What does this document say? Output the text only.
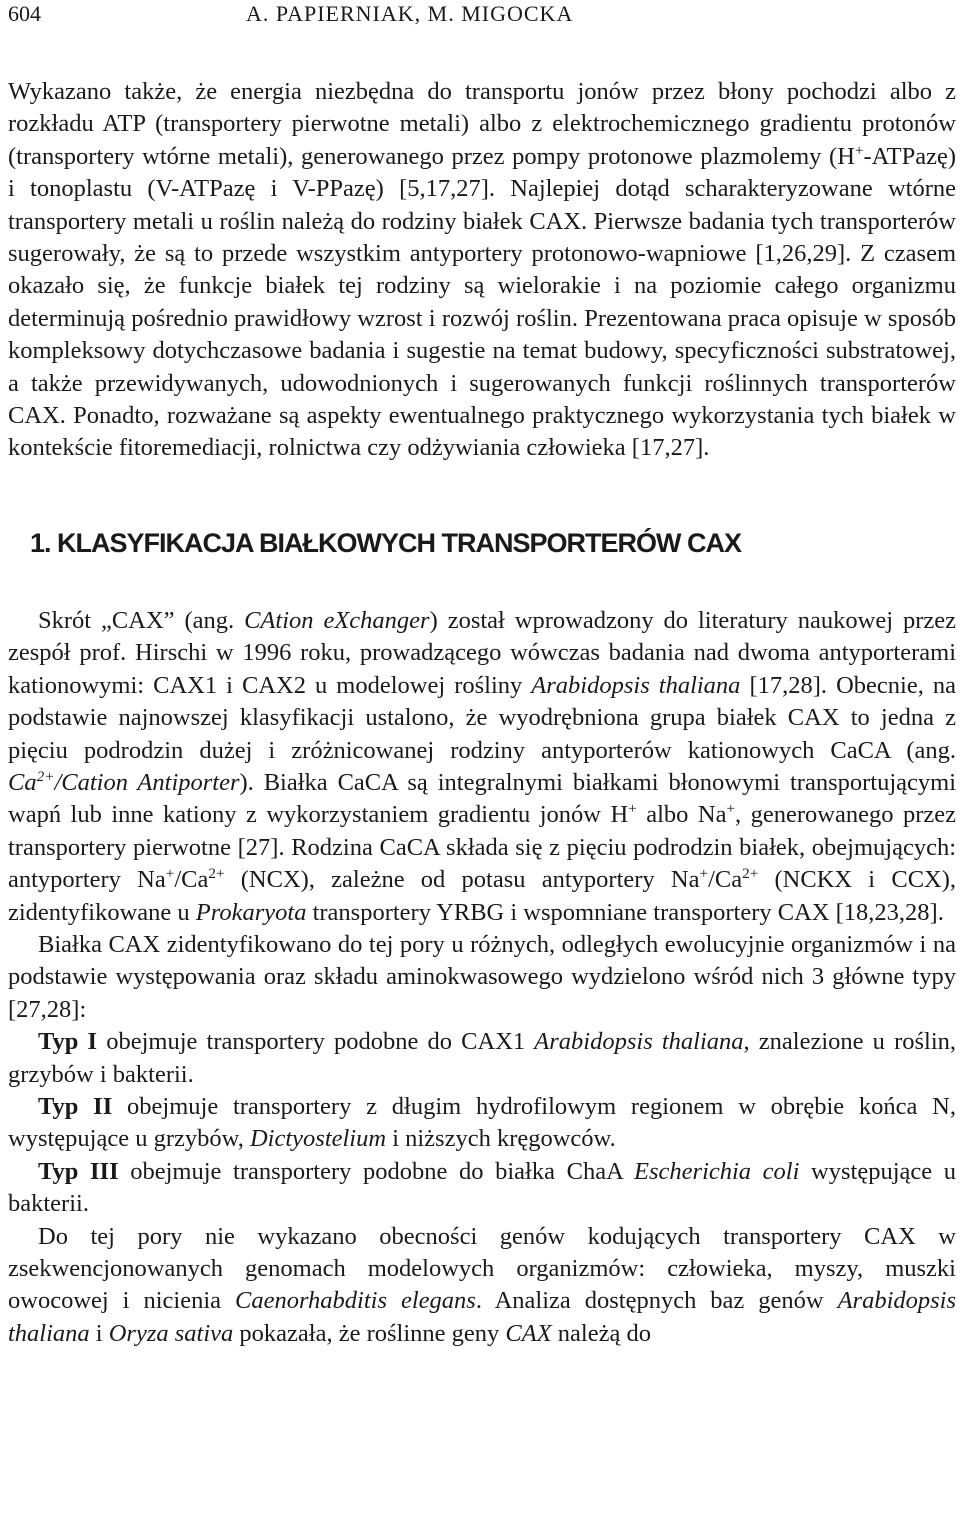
604	A. PAPIERNIAK, M. MIGOCKA

Wykazano także, że energia niezbędna do transportu jonów przez błony pochodzi albo z rozkładu ATP (transportery pierwotne metali) albo z elektrochemicznego gradientu protonów (transportery wtórne metali), generowanego przez pompy protonowe plazmolemy (H+-ATPazę) i tonoplastu (V-ATPazę i V-PPazę) [5,17,27]. Najlepiej dotąd scharakteryzowane wtórne transportery metali u roślin należą do rodziny białek CAX. Pierwsze badania tych transporterów sugerowały, że są to przede wszystkim antyportery protonowo-wapniowe [1,26,29]. Z czasem okazało się, że funkcje białek tej rodziny są wielorakie i na poziomie całego organizmu determinują pośrednio prawidłowy wzrost i rozwój roślin. Prezentowana praca opisuje w sposób kompleksowy dotychczasowe badania i sugestie na temat budowy, specyficzności substratowej, a także przewidywanych, udowodnionych i sugerowanych funkcji roślinnych transporterów CAX. Ponadto, rozważane są aspekty ewentualnego praktycznego wykorzystania tych białek w kontekście fitoremediacji, rolnictwa czy odżywiania człowieka [17,27].

1. KLASYFIKACJA BIAŁKOWYCH TRANSPORTERÓW CAX

Skrót „CAX” (ang. CAtion eXchanger) został wprowadzony do literatury naukowej przez zespół prof. Hirschi w 1996 roku, prowadzącego wówczas badania nad dwoma antyporterami kationowymi: CAX1 i CAX2 u modelowej rośliny Arabidopsis thaliana [17,28]. Obecnie, na podstawie najnowszej klasyfikacji ustalono, że wyodrębniona grupa białek CAX to jedna z pięciu podrodzin dużej i zróżnicowanej rodziny antyporterów kationowych CaCA (ang. $Ca^{2+}$/Cation Antiporter). Białka CaCA są integralnymi białkami błonowymi transportującymi wapń lub inne kationy z wykorzystaniem gradientu jonów H+ albo Na+, generowanego przez transportery pierwotne [27]. Rodzina CaCA składa się z pięciu podrodzin białek, obejmujących: antyportery $Na^+/Ca^{2+}$ (NCX), zależne od potasu antyportery $Na^+/Ca^{2+}$ (NCKX i CCX), zidentyfikowane u Prokaryota transportery YRBG i wspomniane transportery CAX [18,23,28].

Białka CAX zidentyfikowano do tej pory u różnych, odległych ewolucyjnie organizmów i na podstawie występowania oraz składu aminokwasowego wydzielono wśród nich 3 główne typy [27,28]:

Typ I obejmuje transportery podobne do CAX1 Arabidopsis thaliana, znalezione u roślin, grzybów i bakterii.

Typ II obejmuje transportery z długim hydrofilowym regionem w obrębie końca N, występujące u grzybów, Dictyostelium i niższych kręgowców.

Typ III obejmuje transportery podobne do białka ChaA Escherichia coli występujące u bakterii.

Do tej pory nie wykazano obecności genów kodujących transportery CAX w zsekwencjonowanych genomach modelowych organizmów: człowieka, myszy, muszki owocowej i nicienia Caenorhabditis elegans. Analiza dostępnych baz genów Arabidopsis thaliana i Oryza sativa pokazała, że roślinne geny CAX należą do
